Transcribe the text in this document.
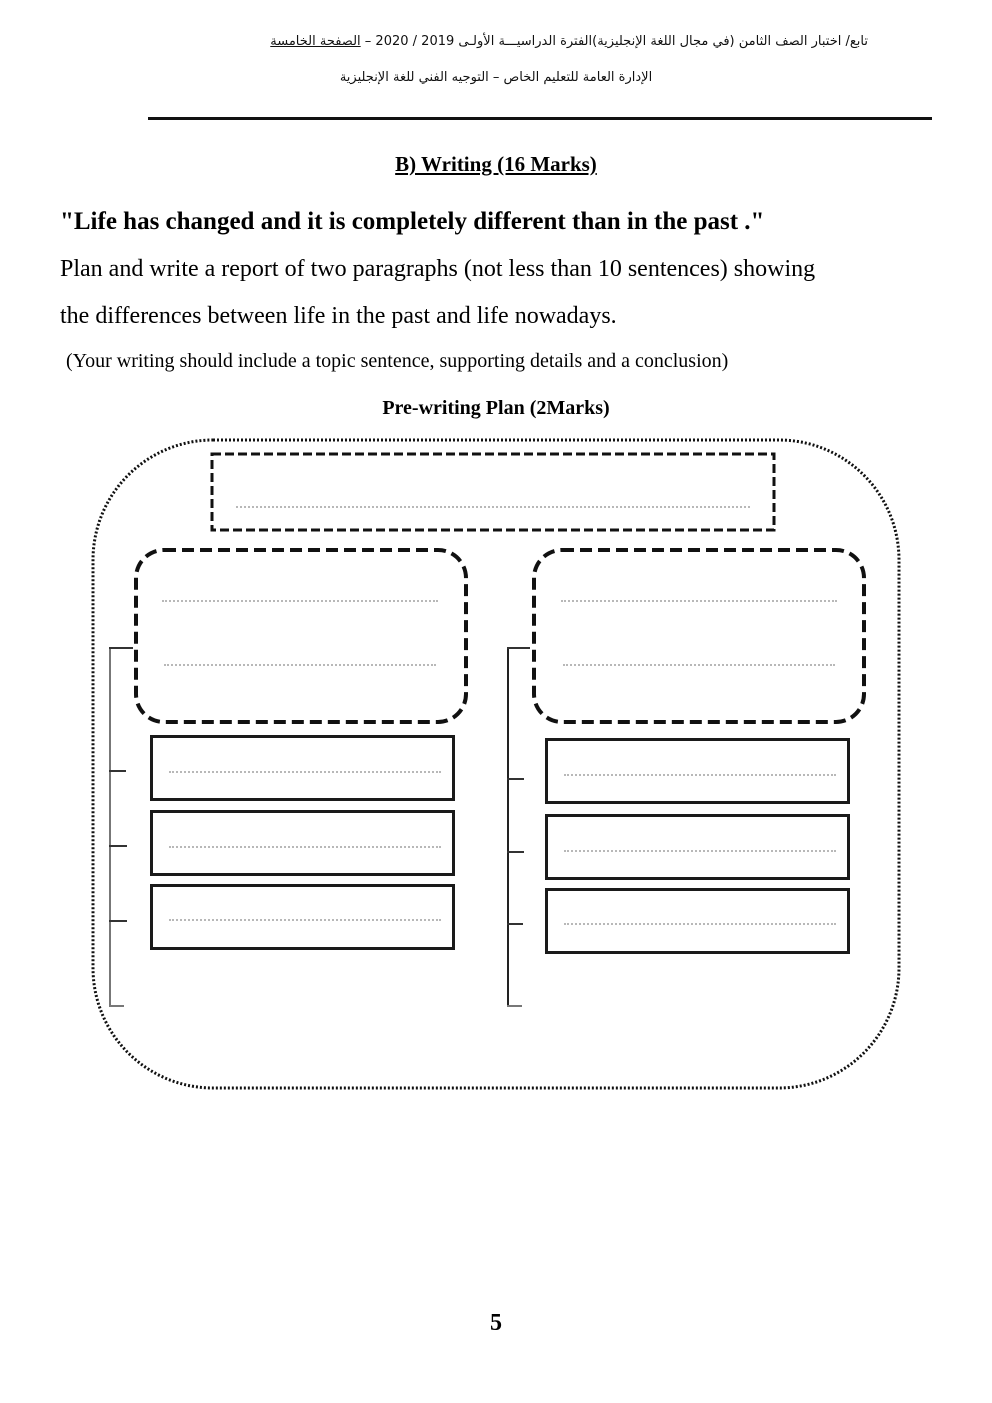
تابع/ اختبار الصف الثامن (في مجال اللغة الإنجليزية)الفترة الدراسيـــة الأولـى 2019 / 2020 – الصفحة الخامسة
الإدارة العامة للتعليم الخاص – التوجيه الفني للغة الإنجليزية
B) Writing (16 Marks)
"Life has changed and it is completely different than in the past ."
Plan and write a report of two paragraphs (not less than 10 sentences) showing
the differences between life in the past and life nowadays.
(Your writing should include a topic sentence, supporting details and a conclusion)
Pre-writing Plan (2Marks)
5
